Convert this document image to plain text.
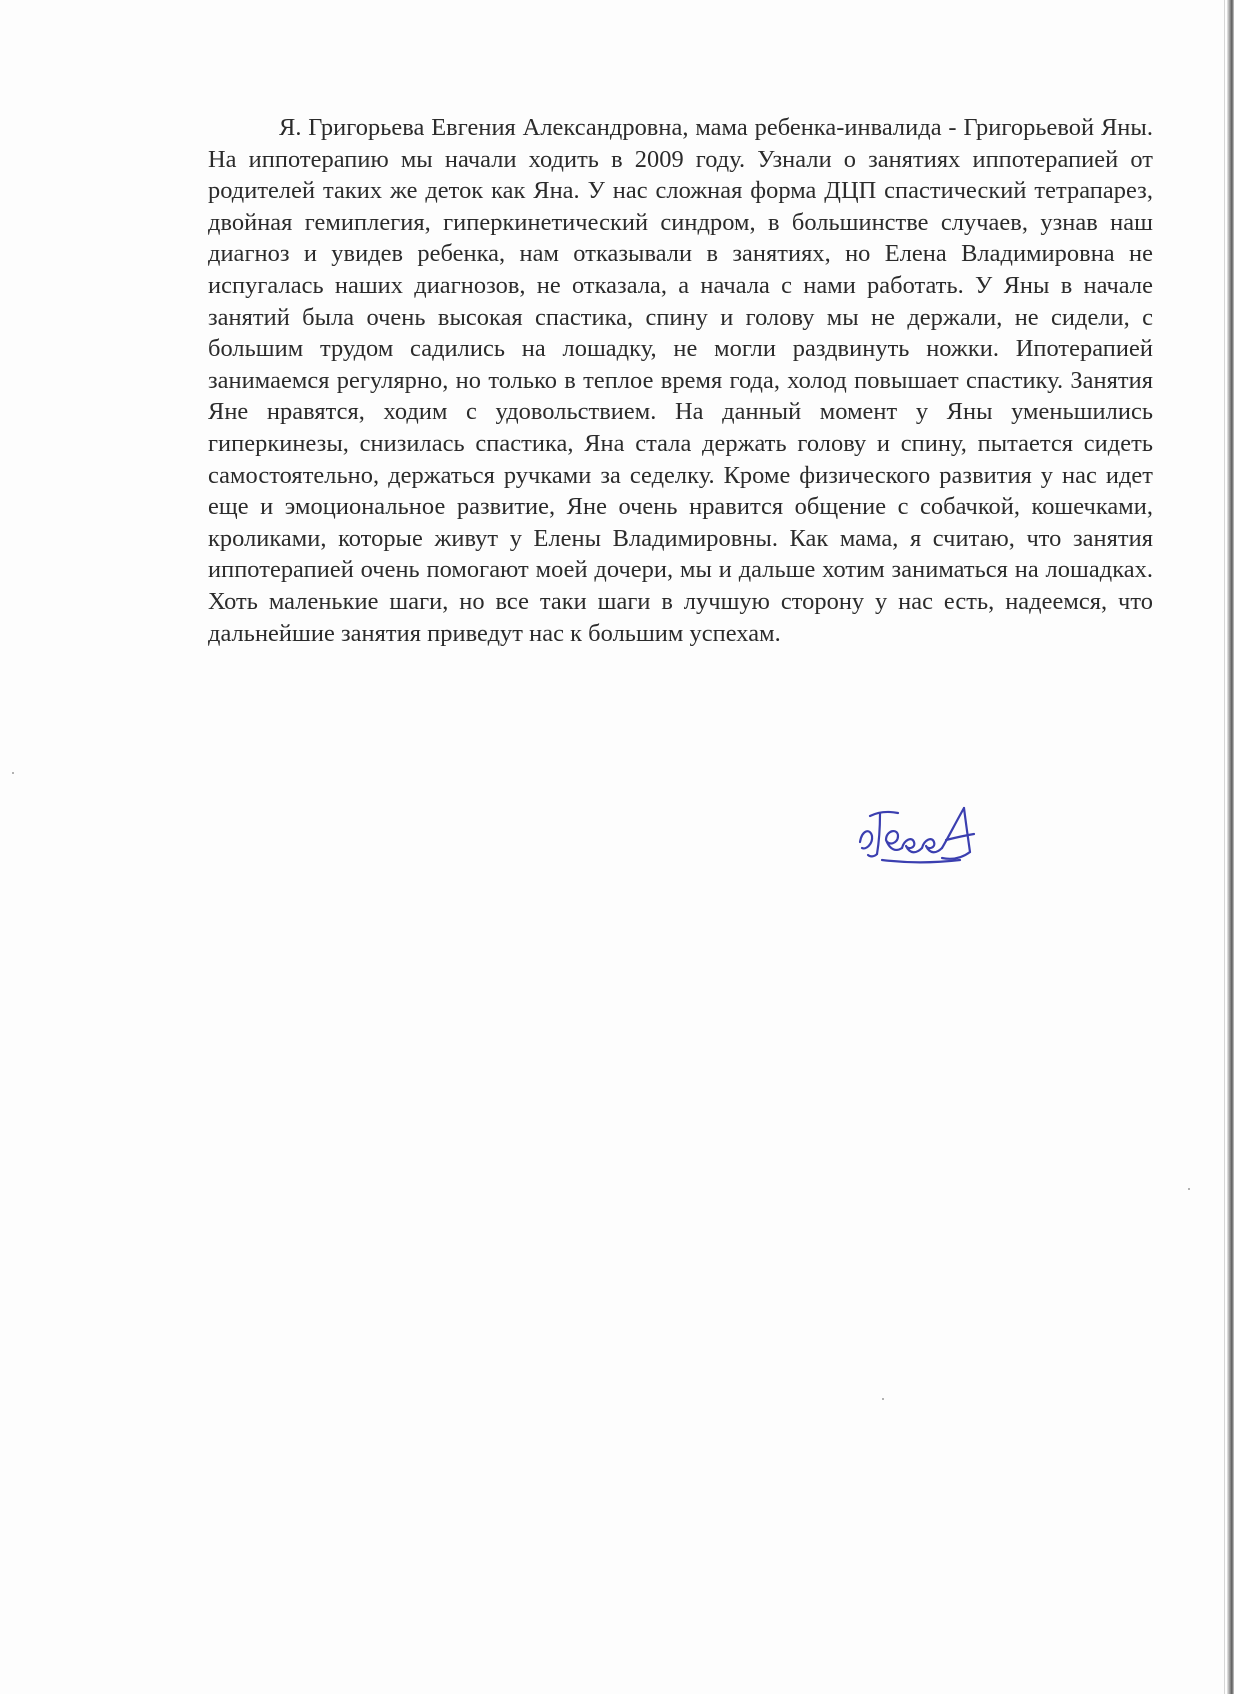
Я. Григорьева Евгения Александровна, мама ребенка-инвалида - Григорьевой Яны. На иппотерапию мы начали ходить в 2009 году. Узнали о занятиях иппотерапией от родителей таких же деток как Яна. У нас сложная форма ДЦП спастический тетрапарез, двойная гемиплегия, гиперкинетический синдром, в большинстве случаев, узнав наш диагноз и увидев ребенка, нам отказывали в занятиях, но Елена Владимировна не испугалась наших диагнозов, не отказала, а начала с нами работать. У Яны в начале занятий была очень высокая спастика, спину и голову мы не держали, не сидели, с большим трудом садились на лошадку, не могли раздвинуть ножки. Ипотерапией занимаемся регулярно, но только в теплое время года, холод повышает спастику. Занятия Яне нравятся, ходим с удовольствием. На данный момент у Яны уменьшились гиперкинезы, снизилась спастика, Яна стала держать голову и спину, пытается сидеть самостоятельно, держаться ручками за седелку. Кроме физического развития у нас идет еще и эмоциональное развитие, Яне очень нравится общение с собачкой, кошечками, кроликами, которые живут у Елены Владимировны. Как мама, я считаю, что занятия иппотерапией очень помогают моей дочери, мы и дальше хотим заниматься на лошадках. Хоть маленькие шаги, но все таки шаги в лучшую сторону у нас есть, надеемся, что дальнейшие занятия приведут нас к большим успехам.
